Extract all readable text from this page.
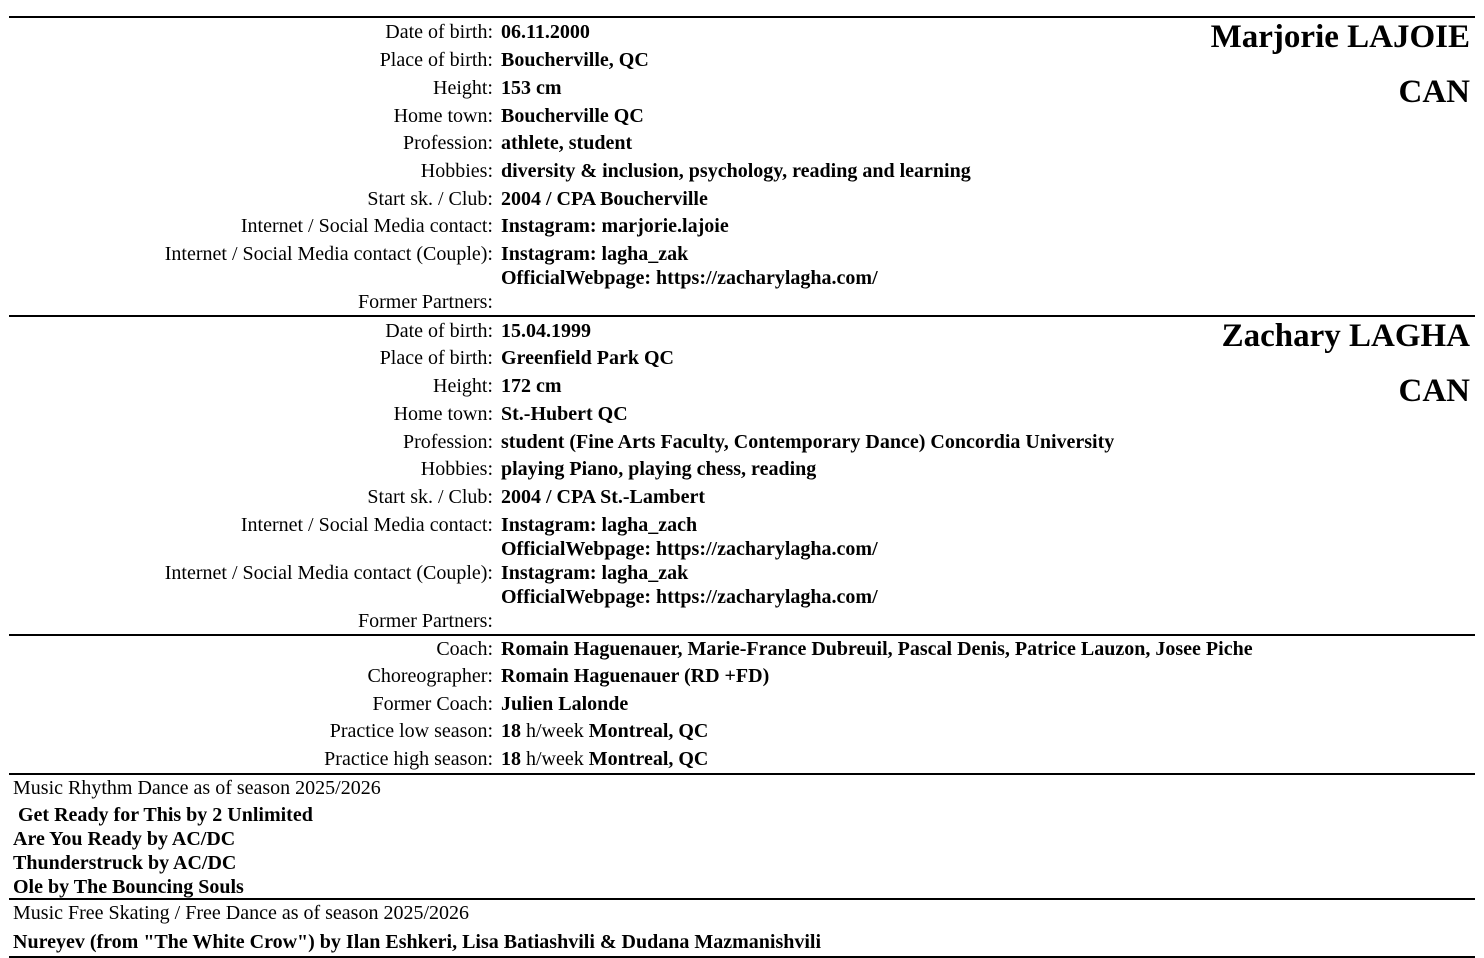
Date of birth: 06.11.2000
Place of birth: Boucherville, QC
Height: 153 cm
Home town: Boucherville QC
Profession: athlete, student
Hobbies: diversity & inclusion, psychology, reading and learning
Start sk. / Club: 2004 / CPA Boucherville
Internet / Social Media contact: Instagram: marjorie.lajoie
Internet / Social Media contact (Couple): Instagram: lagha_zak
OfficialWebpage: https://zacharylagha.com/
Former Partners:
Marjorie LAJOIE
CAN
Date of birth: 15.04.1999
Place of birth: Greenfield Park QC
Height: 172 cm
Home town: St.-Hubert QC
Profession: student (Fine Arts Faculty, Contemporary Dance) Concordia University
Hobbies: playing Piano, playing chess, reading
Start sk. / Club: 2004 / CPA St.-Lambert
Internet / Social Media contact: Instagram: lagha_zach
OfficialWebpage: https://zacharylagha.com/
Internet / Social Media contact (Couple): Instagram: lagha_zak
OfficialWebpage: https://zacharylagha.com/
Former Partners:
Zachary LAGHA
CAN
Coach: Romain Haguenauer, Marie-France Dubreuil, Pascal Denis, Patrice Lauzon, Josee Piche
Choreographer: Romain Haguenauer (RD +FD)
Former Coach: Julien Lalonde
Practice low season: 18 h/week Montreal, QC
Practice high season: 18 h/week Montreal, QC
Music Rhythm Dance as of season 2025/2026
Get Ready for This by 2 Unlimited
Are You Ready by AC/DC
Thunderstruck by AC/DC
Ole by The Bouncing Souls
Music Free Skating / Free Dance as of season 2025/2026
Nureyev (from "The White Crow") by Ilan Eshkeri, Lisa Batiashvili & Dudana Mazmanishvili
